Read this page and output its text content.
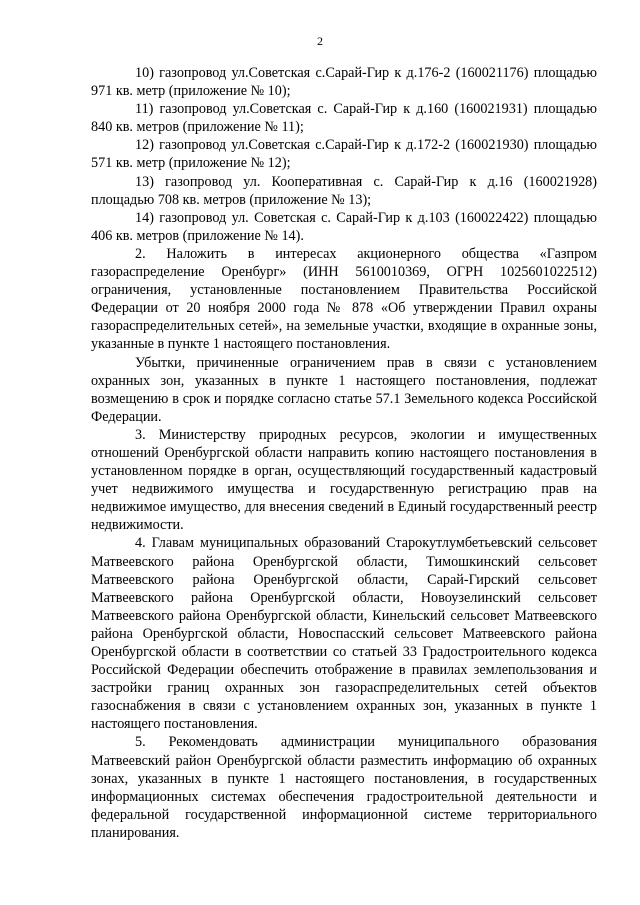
2

10) газопровод ул.Советская с.Сарай-Гир к д.176-2 (160021176) площадью 971 кв. метр (приложение № 10);

11) газопровод ул.Советская с. Сарай-Гир к д.160 (160021931) площадью 840 кв. метров (приложение № 11);

12) газопровод ул.Советская с.Сарай-Гир к д.172-2 (160021930) площадью 571 кв. метр (приложение № 12);

13) газопровод ул. Кооперативная с. Сарай-Гир к д.16 (160021928) площадью 708 кв. метров (приложение № 13);

14) газопровод ул. Советская с. Сарай-Гир к д.103 (160022422) площадью 406 кв. метров (приложение № 14).

2. Наложить в интересах акционерного общества «Газпром газораспределение Оренбург» (ИНН 5610010369, ОГРН 1025601022512) ограничения, установленные постановлением Правительства Российской Федерации от 20 ноября 2000 года № 878 «Об утверждении Правил охраны газораспределительных сетей», на земельные участки, входящие в охранные зоны, указанные в пункте 1 настоящего постановления.

Убытки, причиненные ограничением прав в связи с установлением охранных зон, указанных в пункте 1 настоящего постановления, подлежат возмещению в срок и порядке согласно статье 57.1 Земельного кодекса Российской Федерации.

3. Министерству природных ресурсов, экологии и имущественных отношений Оренбургской области направить копию настоящего постановления в установленном порядке в орган, осуществляющий государственный кадастровый учет недвижимого имущества и государственную регистрацию прав на недвижимое имущество, для внесения сведений в Единый государственный реестр недвижимости.

4. Главам муниципальных образований Старокутлумбетьевский сельсовет Матвеевского района Оренбургской области, Тимошкинский сельсовет Матвеевского района Оренбургской области, Сарай-Гирский сельсовет Матвеевского района Оренбургской области, Новоузелинский сельсовет Матвеевского района Оренбургской области, Кинельский сельсовет Матвеевского района Оренбургской области, Новоспасский сельсовет Матвеевского района Оренбургской области в соответствии со статьей 33 Градостроительного кодекса Российской Федерации обеспечить отображение в правилах землепользования и застройки границ охранных зон газораспределительных сетей объектов газоснабжения в связи с установлением охранных зон, указанных в пункте 1 настоящего постановления.

5. Рекомендовать администрации муниципального образования Матвеевский район Оренбургской области разместить информацию об охранных зонах, указанных в пункте 1 настоящего постановления, в государственных информационных системах обеспечения градостроительной деятельности и федеральной государственной информационной системе территориального планирования.
